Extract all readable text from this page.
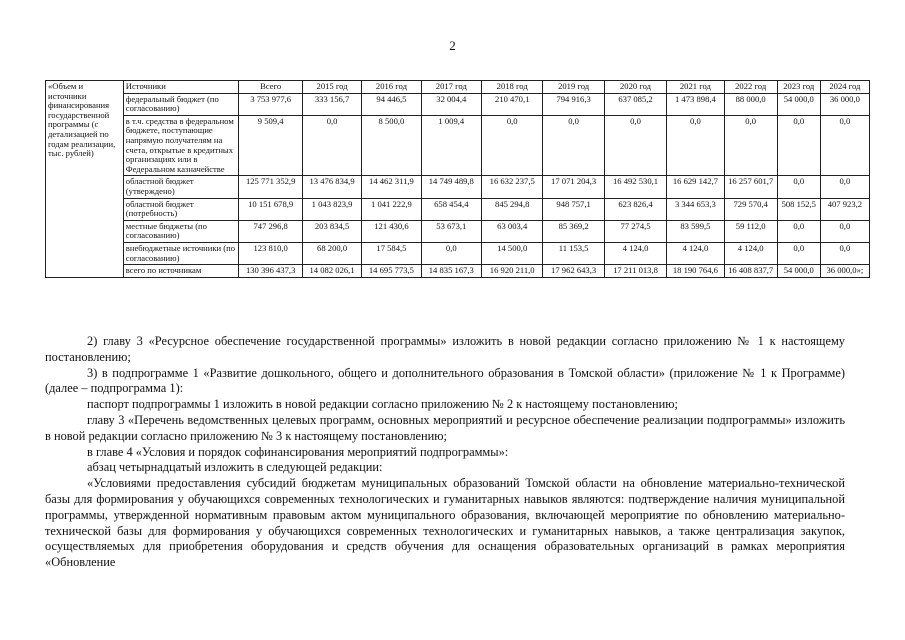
2
«Объем и источники финансирования государственной программы (с детализацией по годам реализации, тыс. рублей)	Источники	Всего	2015 год	2016 год	2017 год	2018 год	2019 год	2020 год	2021 год	2022 год	2023 год	2024 год
	федеральный бюджет (по согласованию)	3 753 977,6	333 156,7	94 446,5	32 004,4	210 470,1	794 916,3	637 085,2	1 473 898,4	88 000,0	54 000,0	36 000,0
	в т.ч. средства в федеральном бюджете, поступающие напрямую получателям на счета, открытые в кредитных организациях или в Федеральном казначействе	9 509,4	0,0	8 500,0	1 009,4	0,0	0,0	0,0	0,0	0,0	0,0	0,0
	областной бюджет (утверждено)	125 771 352,9	13 476 834,9	14 462 311,9	14 749 489,8	16 632 237,5	17 071 204,3	16 492 530,1	16 629 142,7	16 257 601,7	0,0	0,0
	областной бюджет (потребность)	10 151 678,9	1 043 823,9	1 041 222,9	658 454,4	845 294,8	948 757,1	623 826,4	3 344 653,3	729 570,4	508 152,5	407 923,2
	местные бюджеты (по согласованию)	747 296,8	203 834,5	121 430,6	53 673,1	63 003,4	85 369,2	77 274,5	83 599,5	59 112,0	0,0	0,0
	внебюджетные источники (по согласованию)	123 810,0	68 200,0	17 584,5	0,0	14 500,0	11 153,5	4 124,0	4 124,0	4 124,0	0,0	0,0
	всего по источникам	130 396 437,3	14 082 026,1	14 695 773,5	14 835 167,3	16 920 211,0	17 962 643,3	17 211 013,8	18 190 764,6	16 408 837,7	54 000,0	36 000,0»;

2) главу 3 «Ресурсное обеспечение государственной программы» изложить в новой редакции согласно приложению № 1 к настоящему постановлению;

3) в подпрограмме 1 «Развитие дошкольного, общего и дополнительного образования в Томской области» (приложение № 1 к Программе) (далее – подпрограмма 1):

паспорт подпрограммы 1 изложить в новой редакции согласно приложению № 2 к настоящему постановлению;

главу 3 «Перечень ведомственных целевых программ, основных мероприятий и ресурсное обеспечение реализации подпрограммы» изложить в новой редакции согласно приложению № 3 к настоящему постановлению;

в главе 4 «Условия и порядок софинансирования мероприятий подпрограммы»:

абзац четырнадцатый изложить в следующей редакции:

«Условиями предоставления субсидий бюджетам муниципальных образований Томской области на обновление материально-технической базы для формирования у обучающихся современных технологических и гуманитарных навыков являются: подтверждение наличия муниципальной программы, утвержденной нормативным правовым актом муниципального образования, включающей мероприятие по обновлению материально-технической базы для формирования у обучающихся современных технологических и гуманитарных навыков, а также централизация закупок, осуществляемых для приобретения оборудования и средств обучения для оснащения образовательных организаций в рамках мероприятия «Обновление
